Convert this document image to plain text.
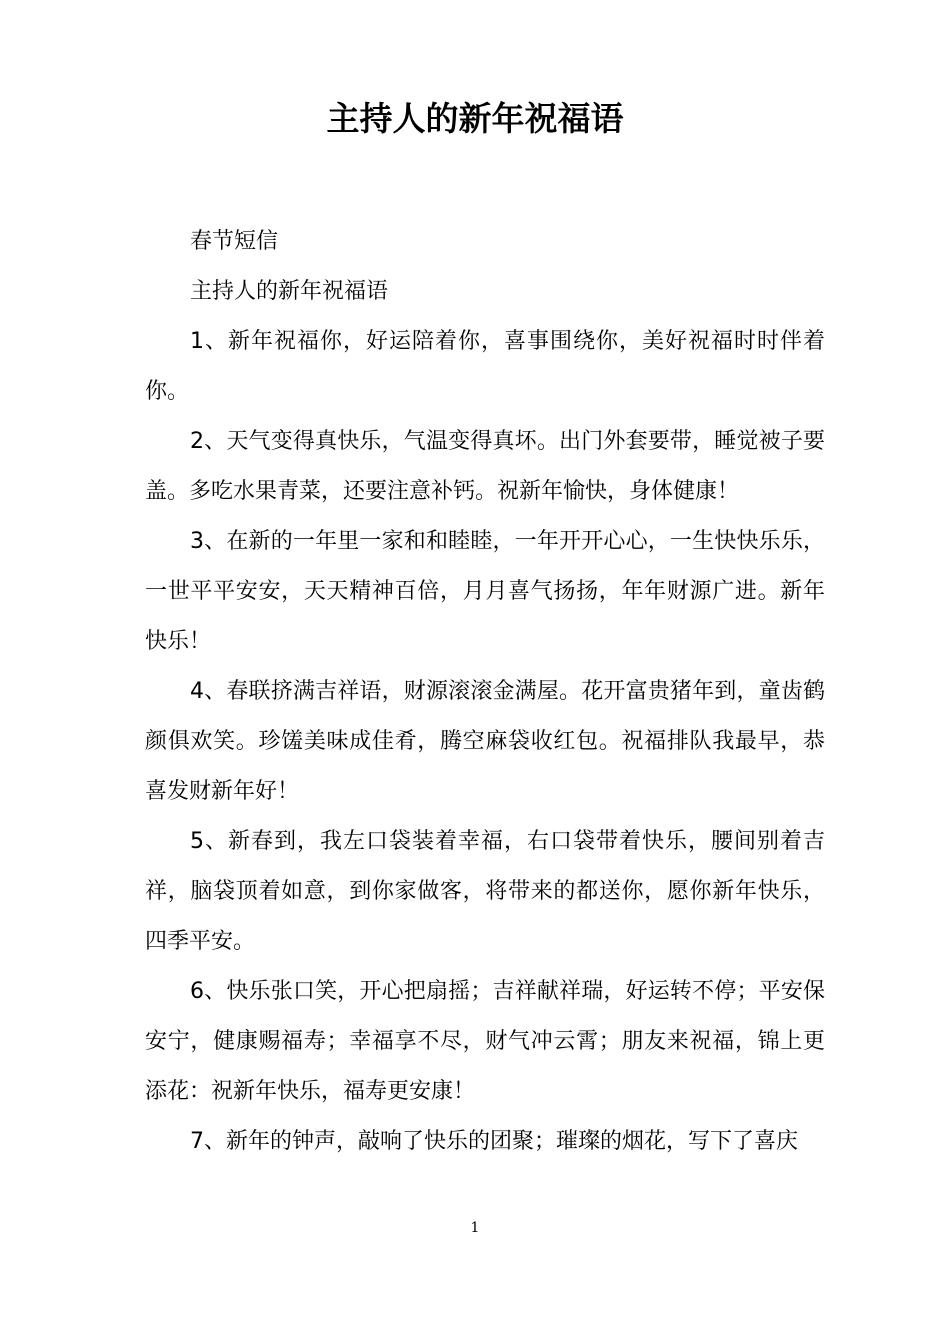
主持人的新年祝福语

春节短信

主持人的新年祝福语

1、新年祝福你，好运陪着你，喜事围绕你，美好祝福时时伴着你。

2、天气变得真快乐，气温变得真坏。出门外套要带，睡觉被子要盖。多吃水果青菜，还要注意补钙。祝新年愉快，身体健康！

3、在新的一年里一家和和睦睦，一年开开心心，一生快快乐乐，一世平平安安，天天精神百倍，月月喜气扬扬，年年财源广进。新年快乐！

4、春联挤满吉祥语，财源滚滚金满屋。花开富贵猪年到，童齿鹤颜俱欢笑。珍馐美味成佳肴，腾空麻袋收红包。祝福排队我最早，恭喜发财新年好！

5、新春到，我左口袋装着幸福，右口袋带着快乐，腰间别着吉祥，脑袋顶着如意，到你家做客，将带来的都送你，愿你新年快乐，四季平安。

6、快乐张口笑，开心把扇摇；吉祥献祥瑞，好运转不停；平安保安宁，健康赐福寿；幸福享不尽，财气冲云霄；朋友来祝福，锦上更添花：祝新年快乐，福寿更安康！

7、新年的钟声，敲响了快乐的团聚；璀璨的烟花，写下了喜庆

1
